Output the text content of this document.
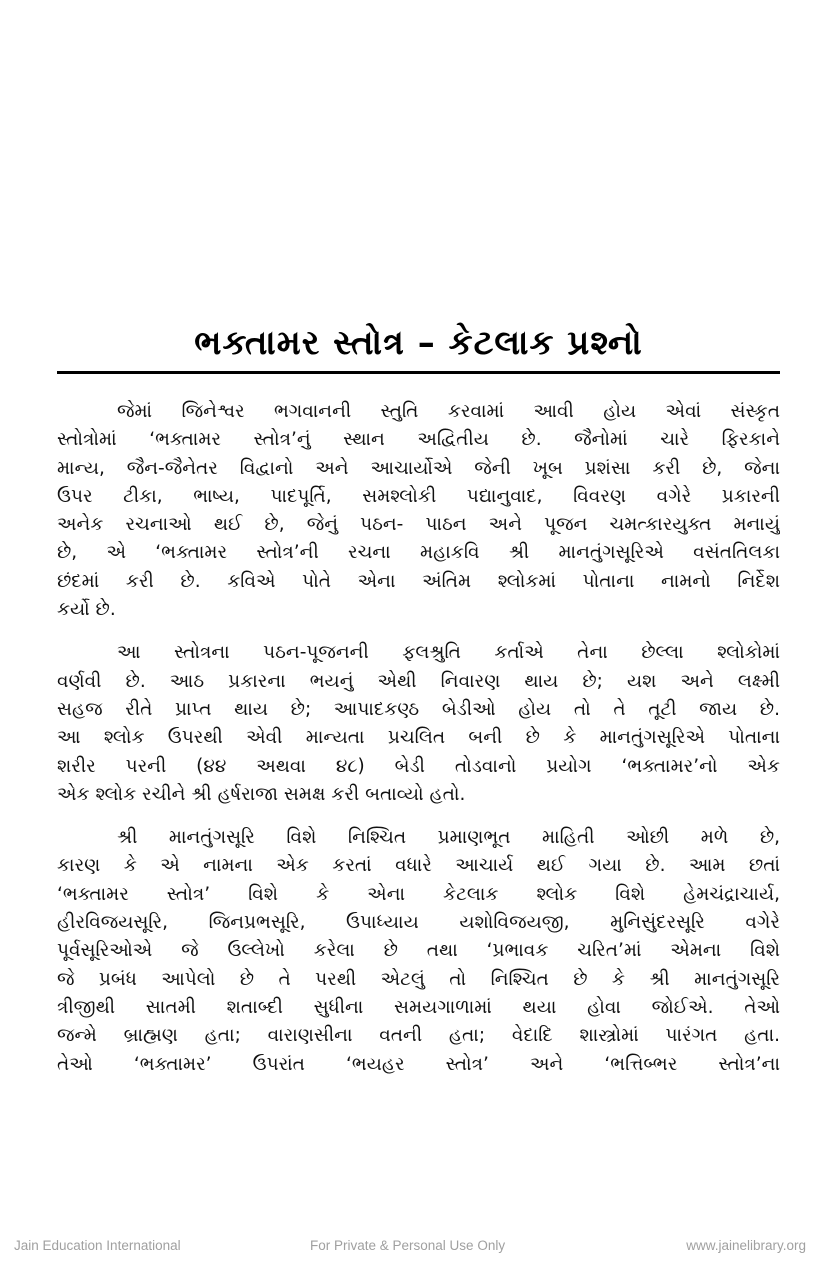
ભક્તામર સ્તોત્ર – કેટલાક પ્રશ્નો
જેમાં જિનેશ્વર ભગવાનની સ્તુતિ કરવામાં આવી હોય એવાં સંસ્કૃત
સ્તોત્રોમાં ‘ભક્તામર સ્તોત્ર’નું સ્થાન અદ્વિતીય છે. જૈનોમાં ચારે ફિરકાને
માન્ય, જૈન-જૈનેતર વિદ્વાનો અને આચાર્યોએ જેની ખૂબ પ્રશંસા કરી છે, જેના
ઉપર ટીકા, ભાષ્ય, પાદપૂર્તિ, સમશ્લોકી પદ્યાનુવાદ, વિવરણ વગેરે પ્રકારની
અનેક રચનાઓ થઈ છે, જેનું પઠન- પાઠન અને પૂજન ચમત્કારયુક્ત મનાયું
છે, એ ‘ભક્તામર સ્તોત્ર’ની રચના મહાકવિ શ્રી માનતુંગસૂરિએ વસંતતિલકા
છંદમાં કરી છે. કવિએ પોતે એના અંતિમ શ્લોકમાં પોતાના નામનો નિર્દેશ
કર્યો છે.
આ સ્તોત્રના પઠન-પૂજનની ફલશ્રુતિ કર્તાએ તેના છેલ્લા શ્લોકોમાં
વર્ણવી છે. આઠ પ્રકારના ભયનું એથી નિવારણ થાય છે; યશ અને લક્ષ્મી
સહજ રીતે પ્રાપ્ત થાય છે; આપાદકણ્ઠ બેડીઓ હોય તો તે તૂટી જાય છે.
આ શ્લોક ઉપરથી એવી માન્યતા પ્રચલિત બની છે કે માનતુંગસૂરિએ પોતાના
શરીર પરની (૪૪ અથવા ૪૮) બેડી તોડવાનો પ્રયોગ ‘ભક્તામર’નો એક
એક શ્લોક રચીને શ્રી હર્ષરાજા સમક્ષ કરી બતાવ્યો હતો.
શ્રી માનતુંગસૂરિ વિશે નિશ્ચિત પ્રમાણભૂત માહિતી ઓછી મળે છે,
કારણ કે એ નામના એક કરતાં વધારે આચાર્ય થઈ ગયા છે. આમ છતાં
‘ભક્તામર સ્તોત્ર’ વિશે કે એના કેટલાક શ્લોક વિશે હેમચંદ્રાચાર્ય,
હીરવિજયસૂરિ, જિનપ્રભસૂરિ, ઉપાધ્યાય યશોવિજયજી, મુનિસુંદરસૂરિ વગેરે
પૂર્વસૂરિઓએ જે ઉલ્લેખો કરેલા છે તથા ‘પ્રભાવક ચરિત’માં એમના વિશે
જે પ્રબંધ આપેલો છે તે પરથી એટલું તો નિશ્ચિત છે કે શ્રી માનતુંગસૂરિ
ત્રીજીથી સાતમી શતાબ્દી સુધીના સમયગાળામાં થયા હોવા જોઈએ. તેઓ
જન્મે બ્રાહ્મણ હતા; વારાણસીના વતની હતા; વેદાદિ શાસ્ત્રોમાં પારંગત હતા.
તેઓ ‘ભક્તામર’ ઉપરાંત ‘ભયહર સ્તોત્ર’ અને ‘ભત્તિબ્ભર સ્તોત્ર’ના
Jain Education International	For Private & Personal Use Only	www.jainelibrary.org
